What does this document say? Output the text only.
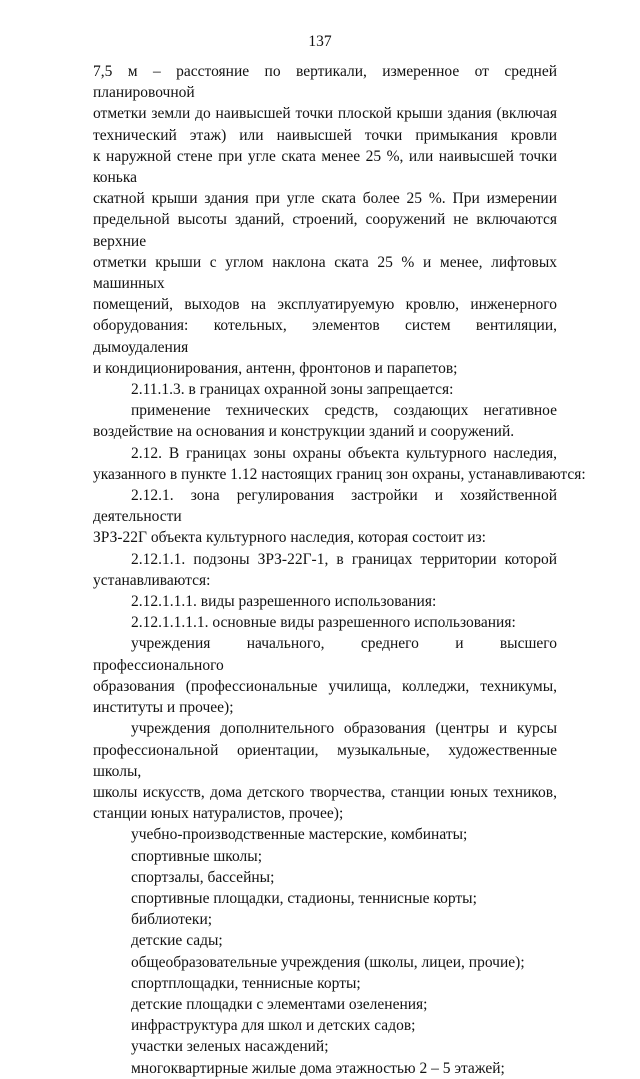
137
7,5 м – расстояние по вертикали, измеренное от средней планировочной
отметки земли до наивысшей точки плоской крыши здания (включая
технический этаж) или наивысшей точки примыкания кровли
к наружной стене при угле ската менее 25 %, или наивысшей точки конька
скатной крыши здания при угле ската более 25 %. При измерении
предельной высоты зданий, строений, сооружений не включаются верхние
отметки крыши с углом наклона ската 25 % и менее, лифтовых машинных
помещений, выходов на эксплуатируемую кровлю, инженерного
оборудования: котельных, элементов систем вентиляции, дымоудаления
и кондиционирования, антенн, фронтонов и парапетов;
2.11.1.3. в границах охранной зоны запрещается:
применение технических средств, создающих негативное
воздействие на основания и конструкции зданий и сооружений.
2.12. В границах зоны охраны объекта культурного наследия,
указанного в пункте 1.12 настоящих границ зон охраны, устанавливаются:
2.12.1. зона регулирования застройки и хозяйственной деятельности
ЗРЗ-22Г объекта культурного наследия, которая состоит из:
2.12.1.1. подзоны ЗРЗ-22Г-1, в границах территории которой
устанавливаются:
2.12.1.1.1. виды разрешенного использования:
2.12.1.1.1.1. основные виды разрешенного использования:
учреждения начального, среднего и высшего профессионального
образования (профессиональные училища, колледжи, техникумы,
институты и прочее);
учреждения дополнительного образования (центры и курсы
профессиональной ориентации, музыкальные, художественные школы,
школы искусств, дома детского творчества, станции юных техников,
станции юных натуралистов, прочее);
учебно-производственные мастерские, комбинаты;
спортивные школы;
спортзалы, бассейны;
спортивные площадки, стадионы, теннисные корты;
библиотеки;
детские сады;
общеобразовательные учреждения (школы, лицеи, прочие);
спортплощадки, теннисные корты;
детские площадки с элементами озеленения;
инфраструктура для школ и детских садов;
участки зеленых насаждений;
многоквартирные жилые дома этажностью 2 – 5 этажей;
